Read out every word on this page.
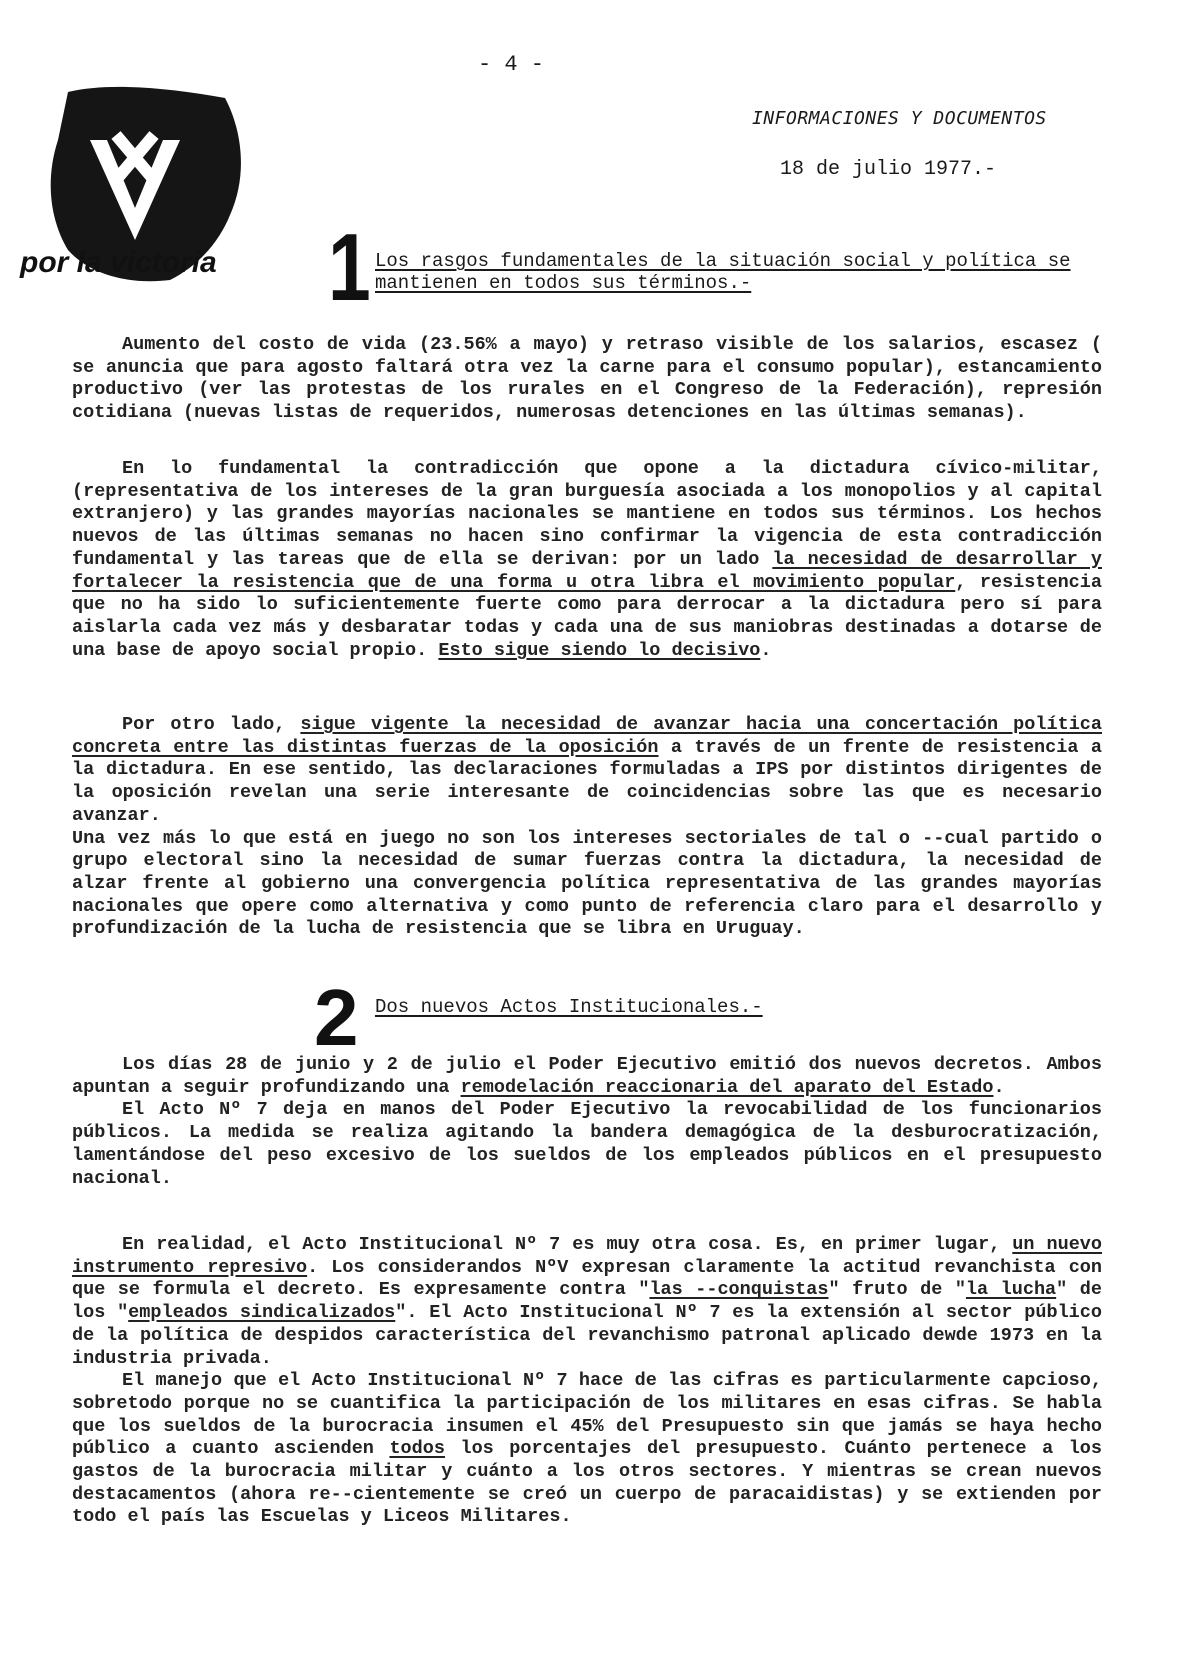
- 4 -
por la victoria
INFORMACIONES Y DOCUMENTOS
18 de julio 1977.-
1 Los rasgos fundamentales de la situación social y política se mantienen en todos sus términos.-

Aumento del costo de vida (23.56% a mayo) y retraso visible de los salarios, escasez ( se anuncia que para agosto faltará otra vez la carne para el consumo popular), estancamiento productivo (ver las protestas de los rurales en el Congreso de la Federación), represión cotidiana (nuevas listas de requeridos, numerosas detenciones en las últimas semanas).

En lo fundamental la contradicción que opone a la dictadura cívico-militar, (representativa de los intereses de la gran burguesía asociada a los monopolios y al capital extranjero) y las grandes mayorías nacionales se mantiene en todos sus términos. Los hechos nuevos de las últimas semanas no hacen sino confirmar la vigencia de esta contradicción fundamental y las tareas que de ella se derivan: por un lado la necesidad de desarrollar y fortalecer la resistencia que de una forma u otra libra el movimiento popular, resistencia que no ha sido lo suficientemente fuerte como para derrocar a la dictadura pero sí para aislarla cada vez más y desbaratar todas y cada una de sus maniobras destinadas a dotarse de una base de apoyo social propio. Esto sigue siendo lo decisivo.

Por otro lado, sigue vigente la necesidad de avanzar hacia una concertación política concreta entre las distintas fuerzas de la oposición a través de un frente de resistencia a la dictadura. En ese sentido, las declaraciones formuladas a IPS por distintos dirigentes de la oposición revelan una serie interesante de coincidencias sobre las que es necesario avanzar.

Una vez más lo que está en juego no son los intereses sectoriales de tal o --cual partido o grupo electoral sino la necesidad de sumar fuerzas contra la dictadura, la necesidad de alzar frente al gobierno una convergencia política representativa de las grandes mayorías nacionales que opere como alternativa y como punto de referencia claro para el desarrollo y profundización de la lucha de resistencia que se libra en Uruguay.

2 Dos nuevos Actos Institucionales.-

Los días 28 de junio y 2 de julio el Poder Ejecutivo emitió dos nuevos decretos. Ambos apuntan a seguir profundizando una remodelación reaccionaria del aparato del Estado.

El Acto Nº 7 deja en manos del Poder Ejecutivo la revocabilidad de los funcionarios públicos. La medida se realiza agitando la bandera demagógica de la desburocratización, lamentándose del peso excesivo de los sueldos de los empleados públicos en el presupuesto nacional.

En realidad, el Acto Institucional Nº 7 es muy otra cosa. Es, en primer lugar, un nuevo instrumento represivo. Los considerandos NºV expresan claramente la actitud revanchista con que se formula el decreto. Es expresamente contra "las --conquistas" fruto de "la lucha" de los "empleados sindicalizados". El Acto Institucional Nº 7 es la extensión al sector público de la política de despidos característica del revanchismo patronal aplicado dewde 1973 en la industria privada.

El manejo que el Acto Institucional Nº 7 hace de las cifras es particularmente capcioso, sobretodo porque no se cuantifica la participación de los militares en esas cifras. Se habla que los sueldos de la burocracia insumen el 45% del Presupuesto sin que jamás se haya hecho público a cuanto ascienden todos los porcentajes del presupuesto. Cuánto pertenece a los gastos de la burocracia militar y cuánto a los otros sectores. Y mientras se crean nuevos destacamentos (ahora re--cientemente se creó un cuerpo de paracaidistas) y se extienden por todo el país las Escuelas y Liceos Militares.
